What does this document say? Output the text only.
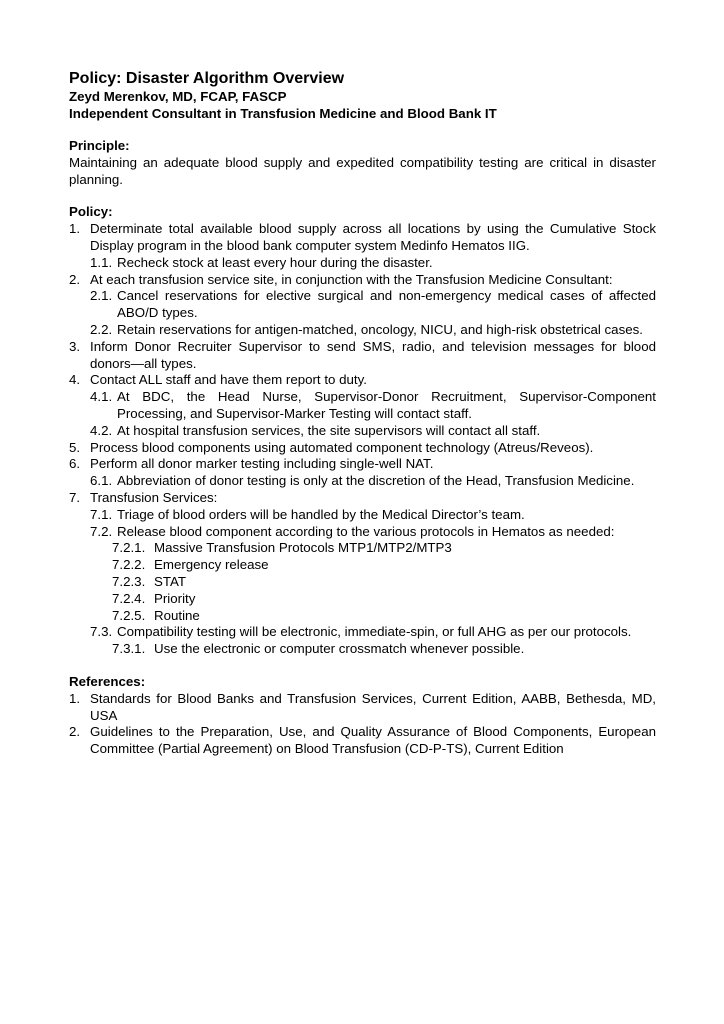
Policy: Disaster Algorithm Overview
Zeyd Merenkov, MD, FCAP, FASCP
Independent Consultant in Transfusion Medicine and Blood Bank IT
Principle:
Maintaining an adequate blood supply and expedited compatibility testing are critical in disaster planning.
Policy:
1. Determinate total available blood supply across all locations by using the Cumulative Stock Display program in the blood bank computer system Medinfo Hematos IIG.
1.1. Recheck stock at least every hour during the disaster.
2. At each transfusion service site, in conjunction with the Transfusion Medicine Consultant:
2.1. Cancel reservations for elective surgical and non-emergency medical cases of affected ABO/D types.
2.2. Retain reservations for antigen-matched, oncology, NICU, and high-risk obstetrical cases.
3. Inform Donor Recruiter Supervisor to send SMS, radio, and television messages for blood donors—all types.
4. Contact ALL staff and have them report to duty.
4.1. At BDC, the Head Nurse, Supervisor-Donor Recruitment, Supervisor-Component Processing, and Supervisor-Marker Testing will contact staff.
4.2. At hospital transfusion services, the site supervisors will contact all staff.
5. Process blood components using automated component technology (Atreus/Reveos).
6. Perform all donor marker testing including single-well NAT.
6.1. Abbreviation of donor testing is only at the discretion of the Head, Transfusion Medicine.
7. Transfusion Services:
7.1. Triage of blood orders will be handled by the Medical Director’s team.
7.2. Release blood component according to the various protocols in Hematos as needed:
7.2.1. Massive Transfusion Protocols MTP1/MTP2/MTP3
7.2.2. Emergency release
7.2.3. STAT
7.2.4. Priority
7.2.5. Routine
7.3. Compatibility testing will be electronic, immediate-spin, or full AHG as per our protocols.
7.3.1. Use the electronic or computer crossmatch whenever possible.
References:
1. Standards for Blood Banks and Transfusion Services, Current Edition, AABB, Bethesda, MD, USA
2. Guidelines to the Preparation, Use, and Quality Assurance of Blood Components, European Committee (Partial Agreement) on Blood Transfusion (CD-P-TS), Current Edition
